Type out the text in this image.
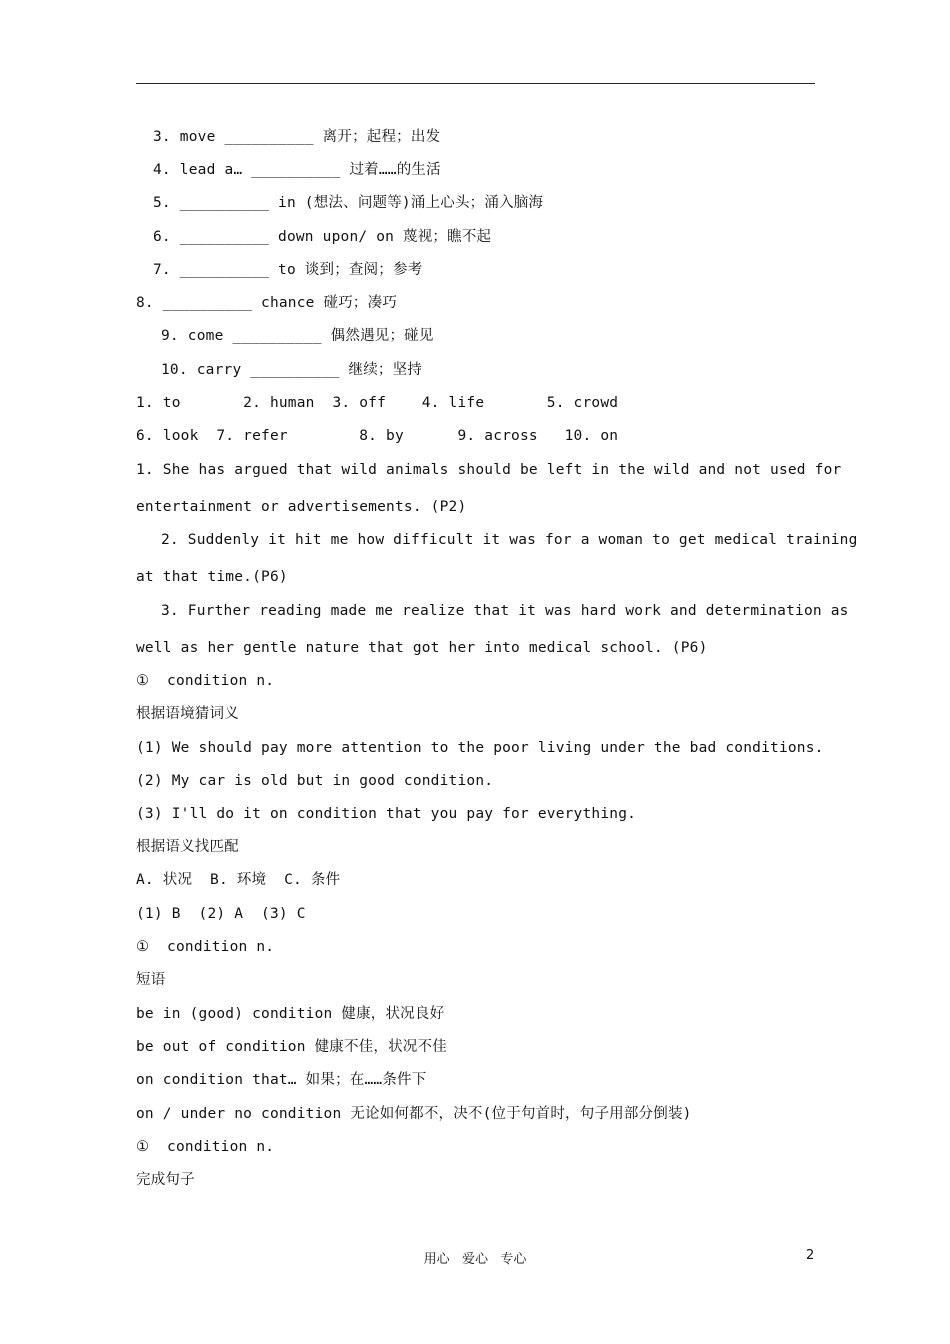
3. move __________ 离开；起程；出发
4. lead a… __________ 过着……的生活
5. __________ in (想法、问题等)涌上心头；涌入脑海
6. __________ down upon/ on 蔑视；瞧不起
7. __________ to 谈到；查阅；参考
8. __________ chance 碰巧；凑巧
9. come __________ 偶然遇见；碰见
10. carry __________ 继续；坚持
1. to       2. human  3. off    4. life       5. crowd
6. look  7. refer        8. by      9. across   10. on
1. She has argued that wild animals should be left in the wild and not used for
entertainment or advertisements. (P2)
2. Suddenly it hit me how difficult it was for a woman to get medical training
at that time.(P6)
3. Further reading made me realize that it was hard work and determination as
well as her gentle nature that got her into medical school. (P6)
①  condition n.
根据语境猜词义
(1) We should pay more attention to the poor living under the bad conditions.
(2) My car is old but in good condition.
(3) I'll do it on condition that you pay for everything.
根据语义找匹配
A. 状况  B. 环境  C. 条件
(1) B  (2) A  (3) C
①  condition n.
短语
be in (good) condition 健康，状况良好
be out of condition 健康不佳，状况不佳
on condition that… 如果；在……条件下
on / under no condition 无论如何都不，决不(位于句首时，句子用部分倒装)
①  condition n.
完成句子
用心   爱心   专心	2
